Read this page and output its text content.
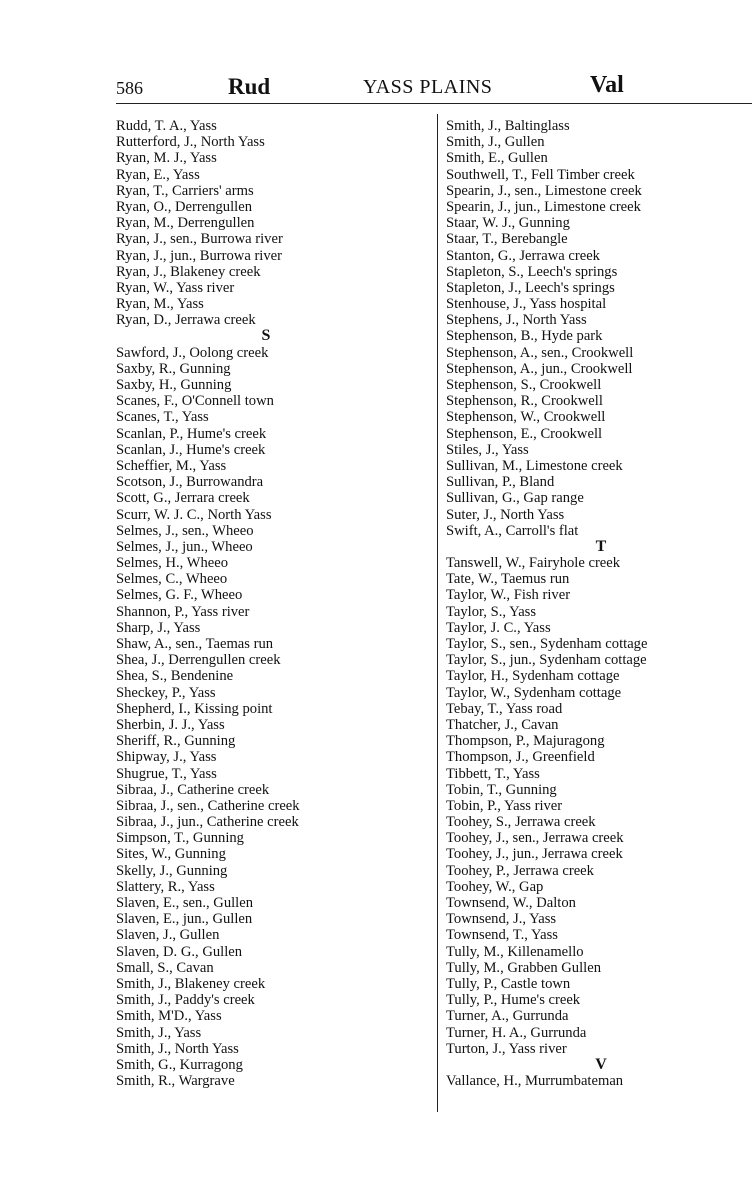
586	Rud	YASS PLAINS	Val
Rudd, T. A., Yass
Rutterford, J., North Yass
Ryan, M. J., Yass
Ryan, E., Yass
Ryan, T., Carriers' arms
Ryan, O., Derrengullen
Ryan, M., Derrengullen
Ryan, J., sen., Burrowa river
Ryan, J., jun., Burrowa river
Ryan, J., Blakeney creek
Ryan, W., Yass river
Ryan, M., Yass
Ryan, D., Jerrawa creek
S
Sawford, J., Oolong creek
Saxby, R., Gunning
Saxby, H., Gunning
Scanes, F., O'Connell town
Scanes, T., Yass
Scanlan, P., Hume's creek
Scanlan, J., Hume's creek
Scheffier, M., Yass
Scotson, J., Burrowandra
Scott, G., Jerrara creek
Scurr, W. J. C., North Yass
Selmes, J., sen., Wheeo
Selmes, J., jun., Wheeo
Selmes, H., Wheeo
Selmes, C., Wheeo
Selmes, G. F., Wheeo
Shannon, P., Yass river
Sharp, J., Yass
Shaw, A., sen., Taemas run
Shea, J., Derrengullen creek
Shea, S., Bendenine
Sheckey, P., Yass
Shepherd, I., Kissing point
Sherbin, J. J., Yass
Sheriff, R., Gunning
Shipway, J., Yass
Shugrue, T., Yass
Sibraa, J., Catherine creek
Sibraa, J., sen., Catherine creek
Sibraa, J., jun., Catherine creek
Simpson, T., Gunning
Sites, W., Gunning
Skelly, J., Gunning
Slattery, R., Yass
Slaven, E., sen., Gullen
Slaven, E., jun., Gullen
Slaven, J., Gullen
Slaven, D. G., Gullen
Small, S., Cavan
Smith, J., Blakeney creek
Smith, J., Paddy's creek
Smith, M'D., Yass
Smith, J., Yass
Smith, J., North Yass
Smith, G., Kurragong
Smith, R., Wargrave
Smith, J., Baltinglass
Smith, J., Gullen
Smith, E., Gullen
Southwell, T., Fell Timber creek
Spearin, J., sen., Limestone creek
Spearin, J., jun., Limestone creek
Staar, W. J., Gunning
Staar, T., Berebangle
Stanton, G., Jerrawa creek
Stapleton, S., Leech's springs
Stapleton, J., Leech's springs
Stenhouse, J., Yass hospital
Stephens, J., North Yass
Stephenson, B., Hyde park
Stephenson, A., sen., Crookwell
Stephenson, A., jun., Crookwell
Stephenson, S., Crookwell
Stephenson, R., Crookwell
Stephenson, W., Crookwell
Stephenson, E., Crookwell
Stiles, J., Yass
Sullivan, M., Limestone creek
Sullivan, P., Bland
Sullivan, G., Gap range
Suter, J., North Yass
Swift, A., Carroll's flat
T
Tanswell, W., Fairyhole creek
Tate, W., Taemus run
Taylor, W., Fish river
Taylor, S., Yass
Taylor, J. C., Yass
Taylor, S., sen., Sydenham cottage
Taylor, S., jun., Sydenham cottage
Taylor, H., Sydenham cottage
Taylor, W., Sydenham cottage
Tebay, T., Yass road
Thatcher, J., Cavan
Thompson, P., Majuragong
Thompson, J., Greenfield
Tibbett, T., Yass
Tobin, T., Gunning
Tobin, P., Yass river
Toohey, S., Jerrawa creek
Toohey, J., sen., Jerrawa creek
Toohey, J., jun., Jerrawa creek
Toohey, P., Jerrawa creek
Toohey, W., Gap
Townsend, W., Dalton
Townsend, J., Yass
Townsend, T., Yass
Tully, M., Killenamello
Tully, M., Grabben Gullen
Tully, P., Castle town
Tully, P., Hume's creek
Turner, A., Gurrunda
Turner, H. A., Gurrunda
Turton, J., Yass river
V
Vallance, H., Murrumbateman
